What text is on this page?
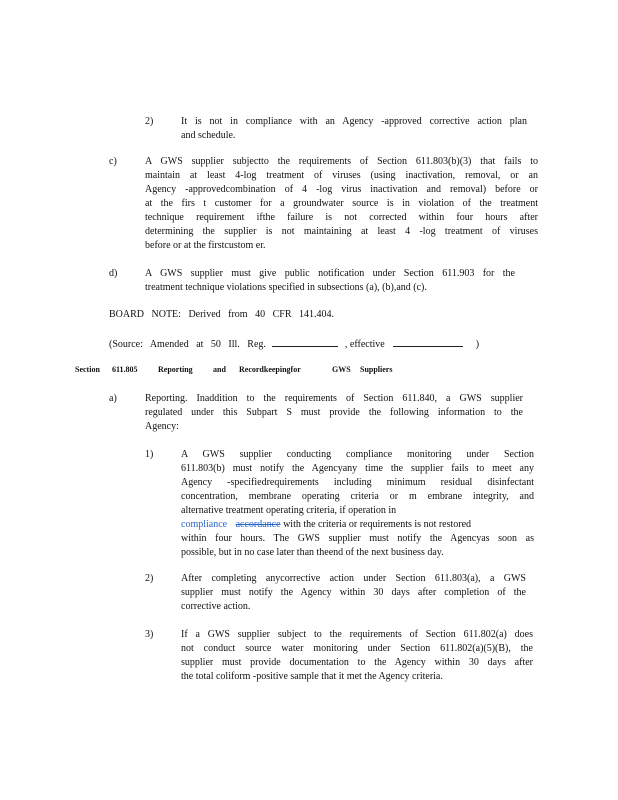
2)	It is not in compliance with an Agency -approved corrective action plan
and schedule.
c)	A GWS supplier subjectto the requirements of Section 611.803(b)(3) that fails to
maintain at least 4-log treatment of viruses (using inactivation, removal, or an
Agency -approvedcombination of 4 -log virus inactivation and removal) before or
at the firs t customer for a groundwater source is in violation of the treatment
technique requirement ifthe failure is not corrected within four hours after
determining the supplier is not maintaining at least 4 -log treatment of viruses
before or at the firstcustom er.
d)	A GWS supplier must give public notification under Section 611.903 for the
treatment technique violations specified in subsections (a), (b),and (c).
BOARD NOTE: Derived from 40 CFR 141.404.
(Source: Amended at 50 Ill. Reg.	, effective	)
Section 611.805	Reporting	and Recordkeepingfor	GWS Suppliers
a)	Reporting. Inaddition to the requirements of Section 611.840, a GWS supplier
regulated under this Subpart S must provide the following information to the
Agency:
1)	A GWS supplier conducting compliance monitoring under Section
611.803(b) must notify the Agencyany time the supplier fails to meet any
Agency -specifiedrequirements including minimum residual disinfectant
concentration, membrane operating criteria or m embrane integrity, and
alternative treatment operating criteria, if operation in
compliance accordance with the criteria or requirements is not restored
within four hours. The GWS supplier must notify the Agencyas soon as
possible, but in no case later than theend of the next business day.
2)	After completing anycorrective action under Section 611.803(a), a GWS
supplier must notify the Agency within 30 days after completion of the
corrective action.
3)	If a GWS supplier subject to the requirements of Section 611.802(a) does
not conduct source water monitoring under Section 611.802(a)(5)(B), the
supplier must provide documentation to the Agency within 30 days after
the total coliform -positive sample that it met the Agency criteria.
